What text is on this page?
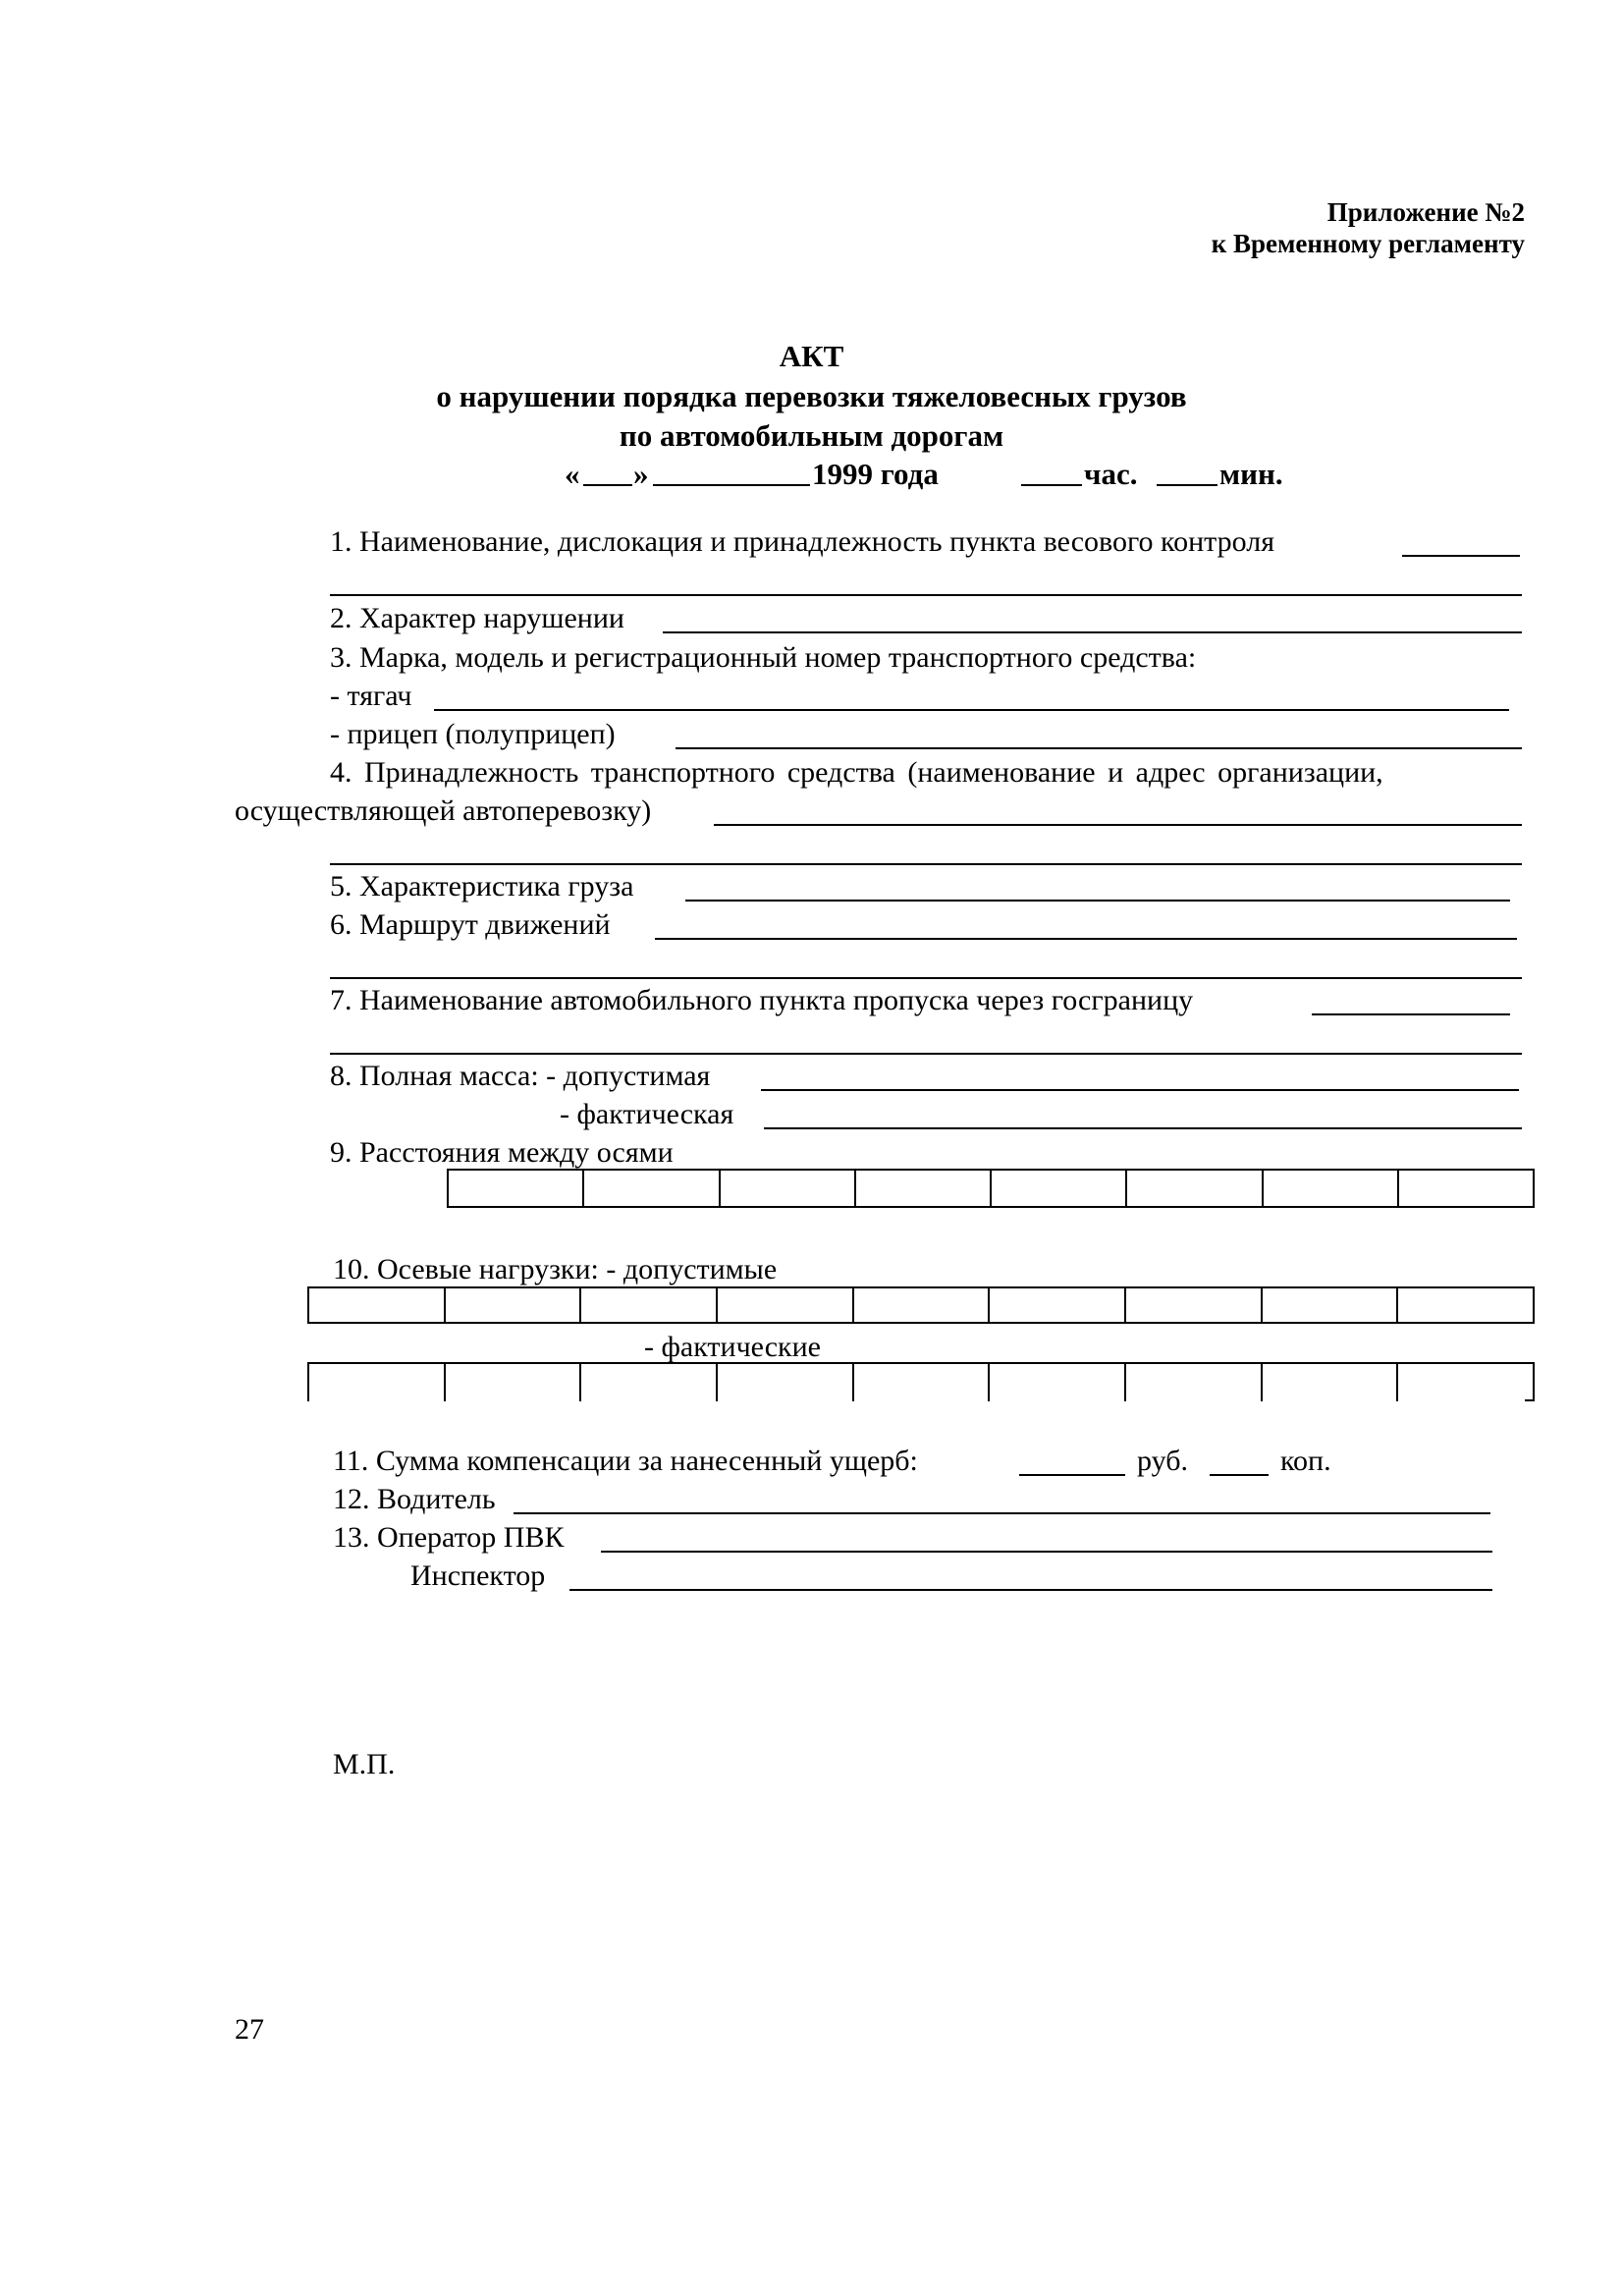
Приложение №2
к Временному регламенту
АКТ
о нарушении порядка перевозки тяжеловесных грузов
по автомобильным дорогам
« »	1999 года	час.	мин.
1. Наименование, дислокация и принадлежность пункта весового контроля
2. Характер нарушении
3. Марка, модель и регистрационный номер транспортного средства:
- тягач
- прицеп (полуприцеп)
4. Принадлежность транспортного средства (наименование и адрес организации,
осуществляющей автоперевозку)
5. Характеристика груза
6. Маршрут движений
7. Наименование автомобильного пункта пропуска через госграницу
8. Полная масса: - допустимая
- фактическая
9. Расстояния между осями
10. Осевые нагрузки: - допустимые
- фактические
11. Сумма компенсации за нанесенный ущерб:	руб.	коп.
12. Водитель
13. Оператор ПВК
Инспектор
М.П.
27
